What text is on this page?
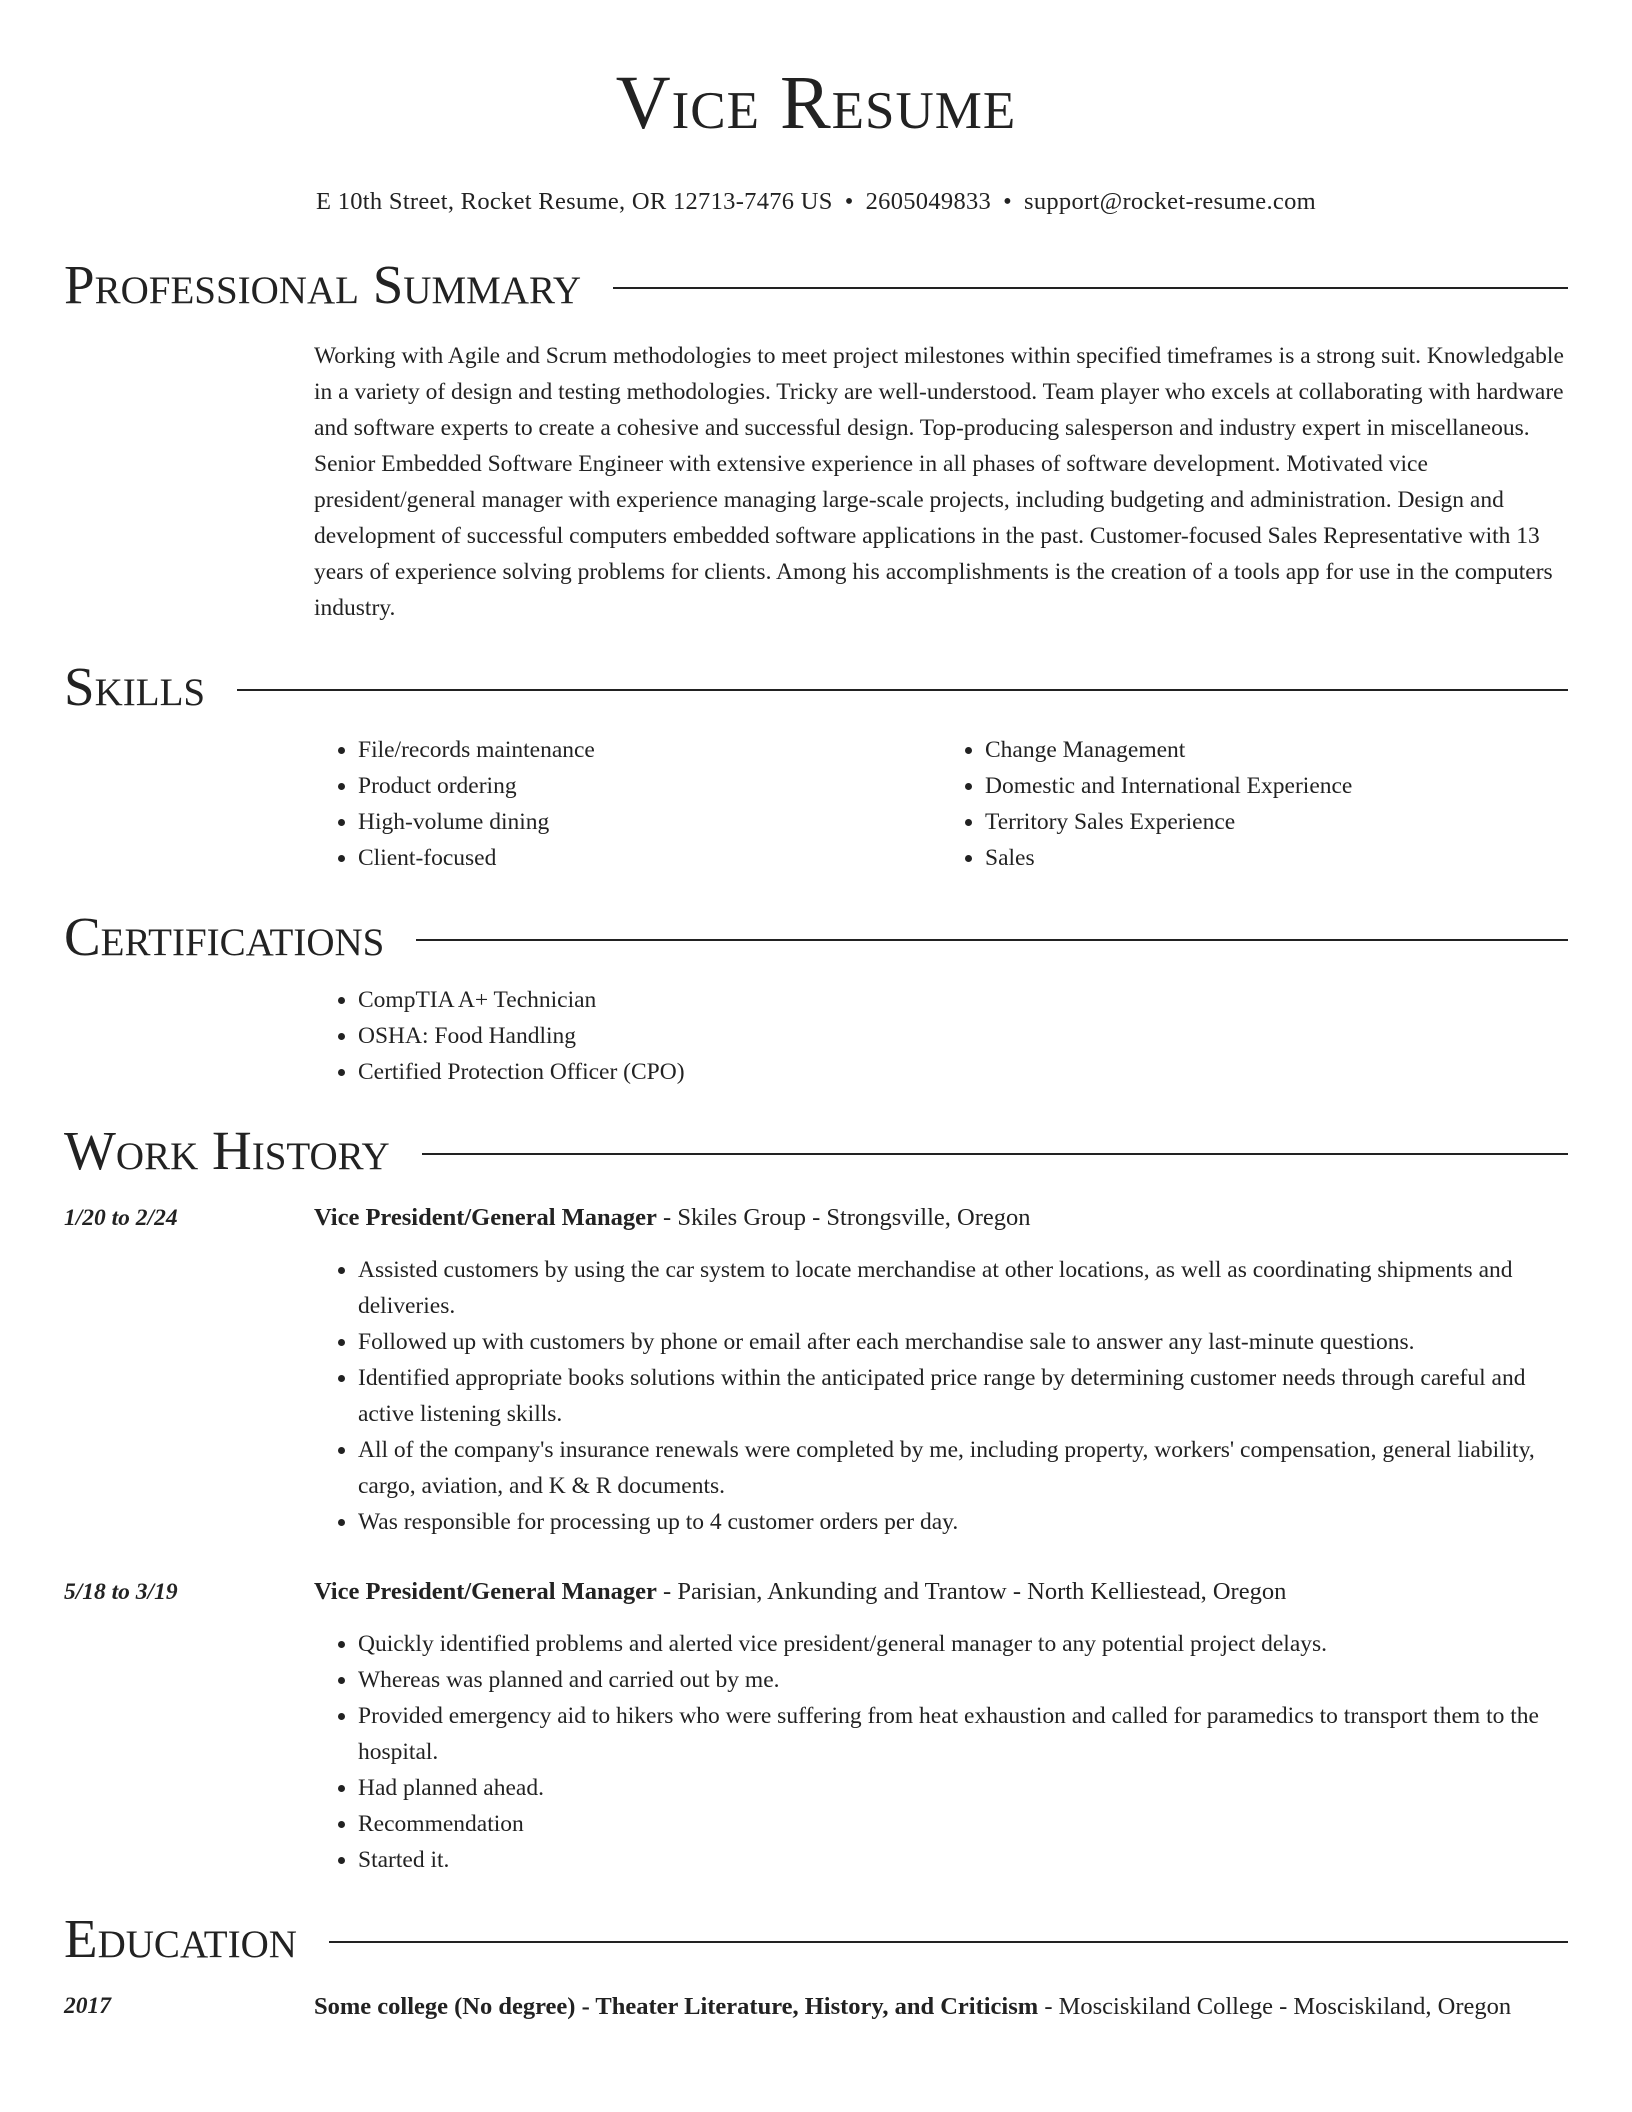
Vice Resume
E 10th Street, Rocket Resume, OR 12713-7476 US • 2605049833 • support@rocket-resume.com
Professional Summary
Working with Agile and Scrum methodologies to meet project milestones within specified timeframes is a strong suit. Knowledgable in a variety of design and testing methodologies. Tricky are well-understood. Team player who excels at collaborating with hardware and software experts to create a cohesive and successful design. Top-producing salesperson and industry expert in miscellaneous. Senior Embedded Software Engineer with extensive experience in all phases of software development. Motivated vice president/general manager with experience managing large-scale projects, including budgeting and administration. Design and development of successful computers embedded software applications in the past. Customer-focused Sales Representative with 13 years of experience solving problems for clients. Among his accomplishments is the creation of a tools app for use in the computers industry.
Skills
• File/records maintenance
• Product ordering
• High-volume dining
• Client-focused
• Change Management
• Domestic and International Experience
• Territory Sales Experience
• Sales
Certifications
• CompTIA A+ Technician
• OSHA: Food Handling
• Certified Protection Officer (CPO)
Work History
1/20 to 2/24	Vice President/General Manager - Skiles Group - Strongsville, Oregon
• Assisted customers by using the car system to locate merchandise at other locations, as well as coordinating shipments and deliveries.
• Followed up with customers by phone or email after each merchandise sale to answer any last-minute questions.
• Identified appropriate books solutions within the anticipated price range by determining customer needs through careful and active listening skills.
• All of the company's insurance renewals were completed by me, including property, workers' compensation, general liability, cargo, aviation, and K & R documents.
• Was responsible for processing up to 4 customer orders per day.
5/18 to 3/19	Vice President/General Manager - Parisian, Ankunding and Trantow - North Kelliestead, Oregon
• Quickly identified problems and alerted vice president/general manager to any potential project delays.
• Whereas was planned and carried out by me.
• Provided emergency aid to hikers who were suffering from heat exhaustion and called for paramedics to transport them to the hospital.
• Had planned ahead.
• Recommendation
• Started it.
Education
2017	Some college (No degree) - Theater Literature, History, and Criticism - Mosciskiland College - Mosciskiland, Oregon
